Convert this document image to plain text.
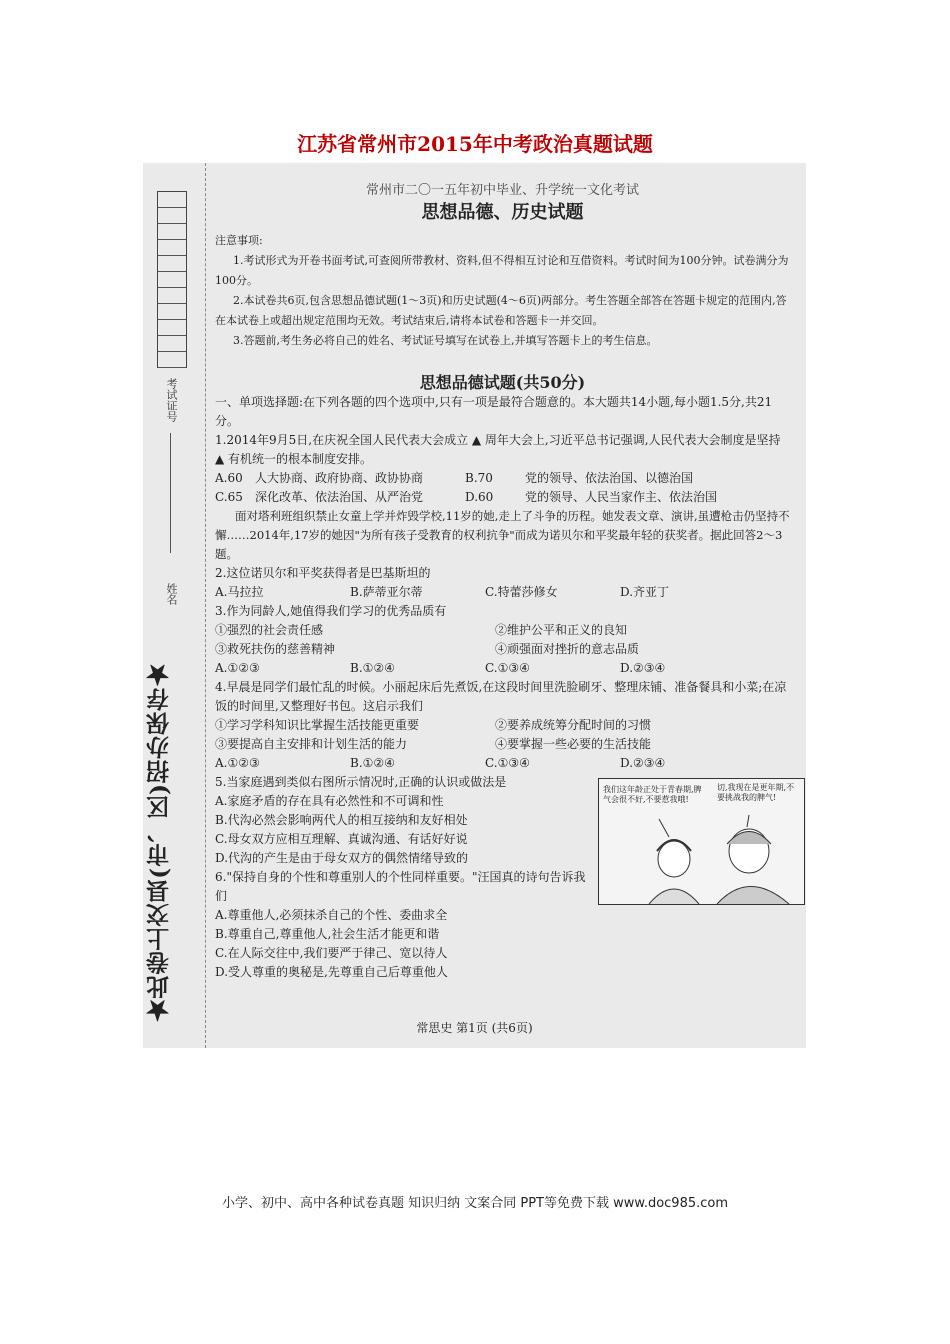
江苏省常州市2015年中考政治真题试题
考试证号
姓名
★此卷上交县(市、区)招办保存★
常州市二〇一五年初中毕业、升学统一文化考试
思想品德、历史试题
注意事项:
1.考试形式为开卷书面考试,可查阅所带教材、资料,但不得相互讨论和互借资料。考试时间为100分钟。试卷满分为100分。
2.本试卷共6页,包含思想品德试题(1～3页)和历史试题(4～6页)两部分。考生答题全部答在答题卡规定的范围内,答在本试卷上或超出规定范围均无效。考试结束后,请将本试卷和答题卡一并交回。
3.答题前,考生务必将自己的姓名、考试证号填写在试卷上,并填写答题卡上的考生信息。
思想品德试题(共50分)
一、单项选择题:在下列各题的四个选项中,只有一项是最符合题意的。本大题共14小题,每小题1.5分,共21分。
1.2014年9月5日,在庆祝全国人民代表大会成立 ▲ 周年大会上,习近平总书记强调,人民代表大会制度是坚持 ▲ 有机统一的根本制度安排。
A.60	人大协商、政府协商、政协协商	B.70	党的领导、依法治国、以德治国
C.65	深化改革、依法治国、从严治党	D.60	党的领导、人民当家作主、依法治国
面对塔利班组织禁止女童上学并炸毁学校,11岁的她,走上了斗争的历程。她发表文章、演讲,虽遭枪击仍坚持不懈……2014年,17岁的她因"为所有孩子受教育的权利抗争"而成为诺贝尔和平奖最年轻的获奖者。据此回答2～3题。
2.这位诺贝尔和平奖获得者是巴基斯坦的
A.马拉拉	B.萨蒂亚尔蒂	C.特蕾莎修女	D.齐亚丁
3.作为同龄人,她值得我们学习的优秀品质有
①强烈的社会责任感	②维护公平和正义的良知
③救死扶伤的慈善精神	④顽强面对挫折的意志品质
A.①②③	B.①②④	C.①③④	D.②③④
4.早晨是同学们最忙乱的时候。小丽起床后先煮饭,在这段时间里洗脸刷牙、整理床铺、准备餐具和小菜;在凉饭的时间里,又整理好书包。这启示我们
①学习学科知识比掌握生活技能更重要	②要养成统筹分配时间的习惯
③要提高自主安排和计划生活的能力	④要掌握一些必要的生活技能
A.①②③	B.①②④	C.①③④	D.②③④
5.当家庭遇到类似右图所示情况时,正确的认识或做法是
A.家庭矛盾的存在具有必然性和不可调和性
B.代沟必然会影响两代人的相互接纳和友好相处
C.母女双方应相互理解、真诚沟通、有话好好说
D.代沟的产生是由于母女双方的偶然情绪导致的
6."保持自身的个性和尊重别人的个性同样重要。"汪国真的诗句告诉我们
A.尊重他人,必须抹杀自己的个性、委曲求全
B.尊重自己,尊重他人,社会生活才能更和谐
C.在人际交往中,我们要严于律己、宽以待人
D.受人尊重的奥秘是,先尊重自己后尊重他人
我们这年龄正处于青春期,脾气会很不好,不要惹我哦!
切,我现在是更年期,不要挑战我的脾气!
常思史 第1页 (共6页)
小学、初中、高中各种试卷真题 知识归纳 文案合同 PPT等免费下载 www.doc985.com
